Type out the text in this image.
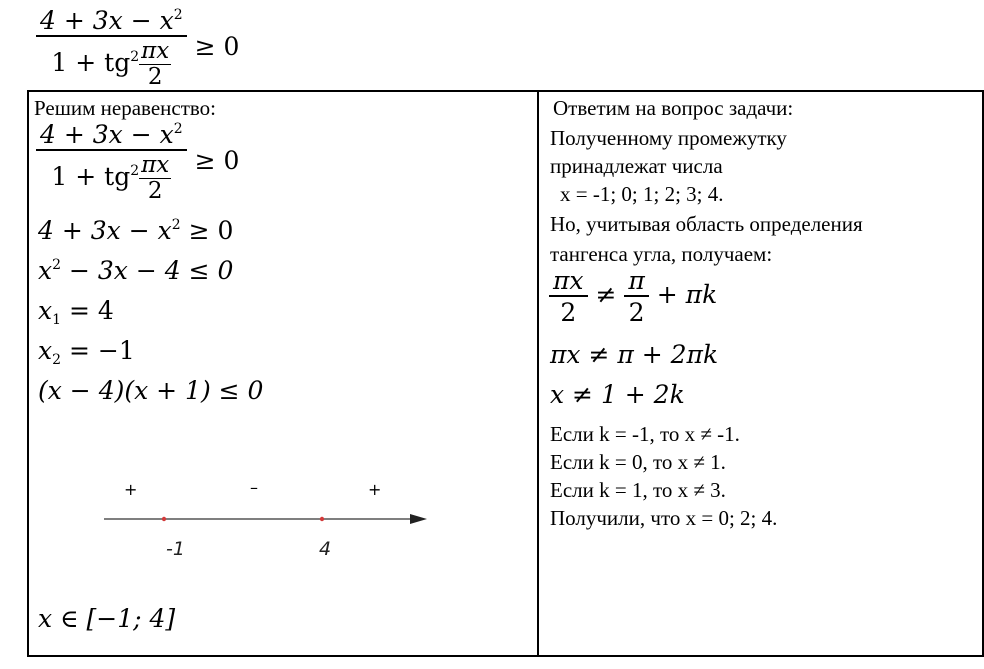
$\frac{4 + 3x - x^2}{1 + tg^2 \frac{\pi x}{2}} \ge 0$
Решим неравенство:
$\frac{4 + 3x - x^2}{1 + tg^2 \frac{\pi x}{2}} \ge 0$
$4 + 3x - x^2 \ge 0$
$x^2 - 3x - 4 \le 0$
$x_1 = 4$
$x_2 = -1$
(x − 4)(x + 1) ≤ 0
+	–	+
-1	4
x ∈ [−1; 4]
Ответим на вопрос задачи:
Полученному промежутку
принадлежат числа
x = -1; 0; 1; 2; 3; 4.
Но, учитывая область определения
тангенса угла, получаем:
$\frac{\pi x}{2} \ne \frac{\pi}{2} + \pi k$
πx ≠ π + 2πk
x ≠ 1 + 2k
Если k = -1, то x ≠ -1.
Если k = 0, то x ≠ 1.
Если k = 1, то x ≠ 3.
Получили, что x = 0; 2; 4.
